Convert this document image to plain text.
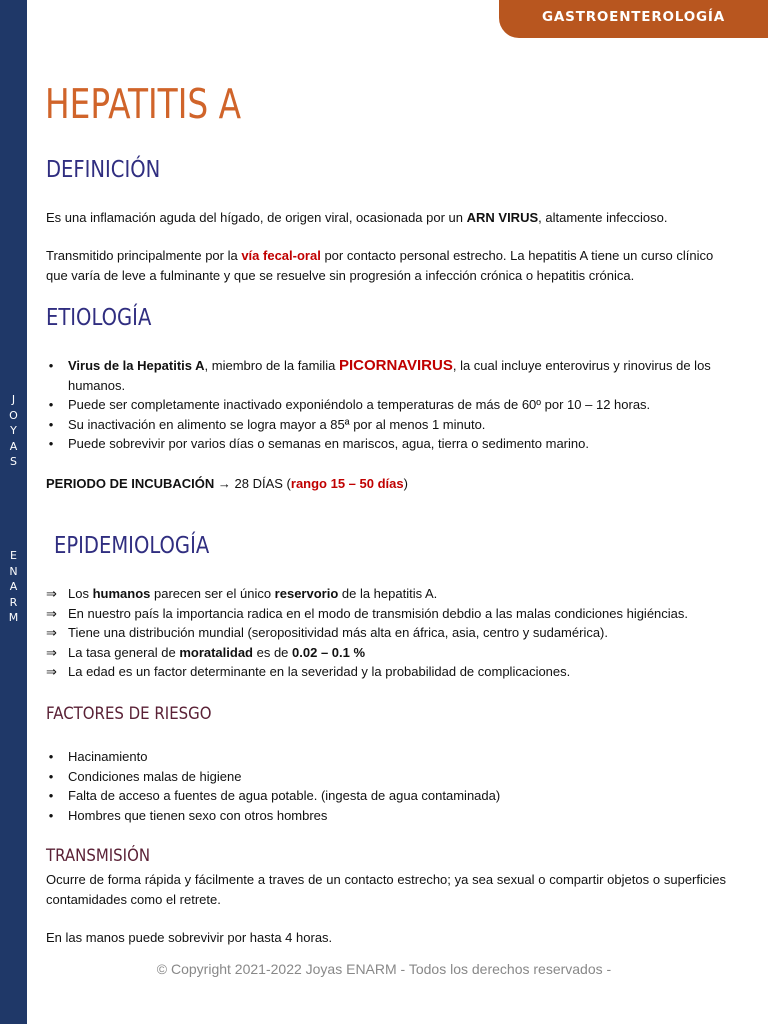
J
O
Y
A
S
E
N
A
R
M
GASTROENTEROLOGÍA
HEPATITIS A
DEFINICIÓN

Es una inflamación aguda del hígado, de origen viral, ocasionada por un ARN VIRUS, altamente infeccioso.

Transmitido principalmente por la vía fecal-oral por contacto personal estrecho. La hepatitis A tiene un curso clínico que varía de leve a fulminante y que se resuelve sin progresión a infección crónica o hepatitis crónica.

ETIOLOGÍA
• Virus de la Hepatitis A, miembro de la familia PICORNAVIRUS, la cual incluye enterovirus y rinovirus de los humanos.
• Puede ser completamente inactivado exponiéndolo a temperaturas de más de 60º por 10 – 12 horas.
• Su inactivación en alimento se logra mayor a 85ª por al menos 1 minuto.
• Puede sobrevivir por varios días o semanas en mariscos, agua, tierra o sedimento marino.

PERIODO DE INCUBACIÓN → 28 DÍAS (rango 15 – 50 días)

EPIDEMIOLOGÍA
⇒ Los humanos parecen ser el único reservorio de la hepatitis A.
⇒ En nuestro país la importancia radica en el modo de transmisión debdio a las malas condiciones higiéncias.
⇒ Tiene una distribución mundial (seropositividad más alta en áfrica, asia, centro y sudamérica).
⇒ La tasa general de moratalidad es de 0.02 – 0.1 %
⇒ La edad es un factor determinante en la severidad y la probabilidad de complicaciones.
FACTORES DE RIESGO
• Hacinamiento
• Condiciones malas de higiene
• Falta de acceso a fuentes de agua potable. (ingesta de agua contaminada)
• Hombres que tienen sexo con otros hombres
TRANSMISIÓN

Ocurre de forma rápida y fácilmente a traves de un contacto estrecho; ya sea sexual o compartir objetos o superficies contamidades como el retrete.

En las manos puede sobrevivir por hasta 4 horas.

© Copyright 2021-2022 Joyas ENARM - Todos los derechos reservados -
